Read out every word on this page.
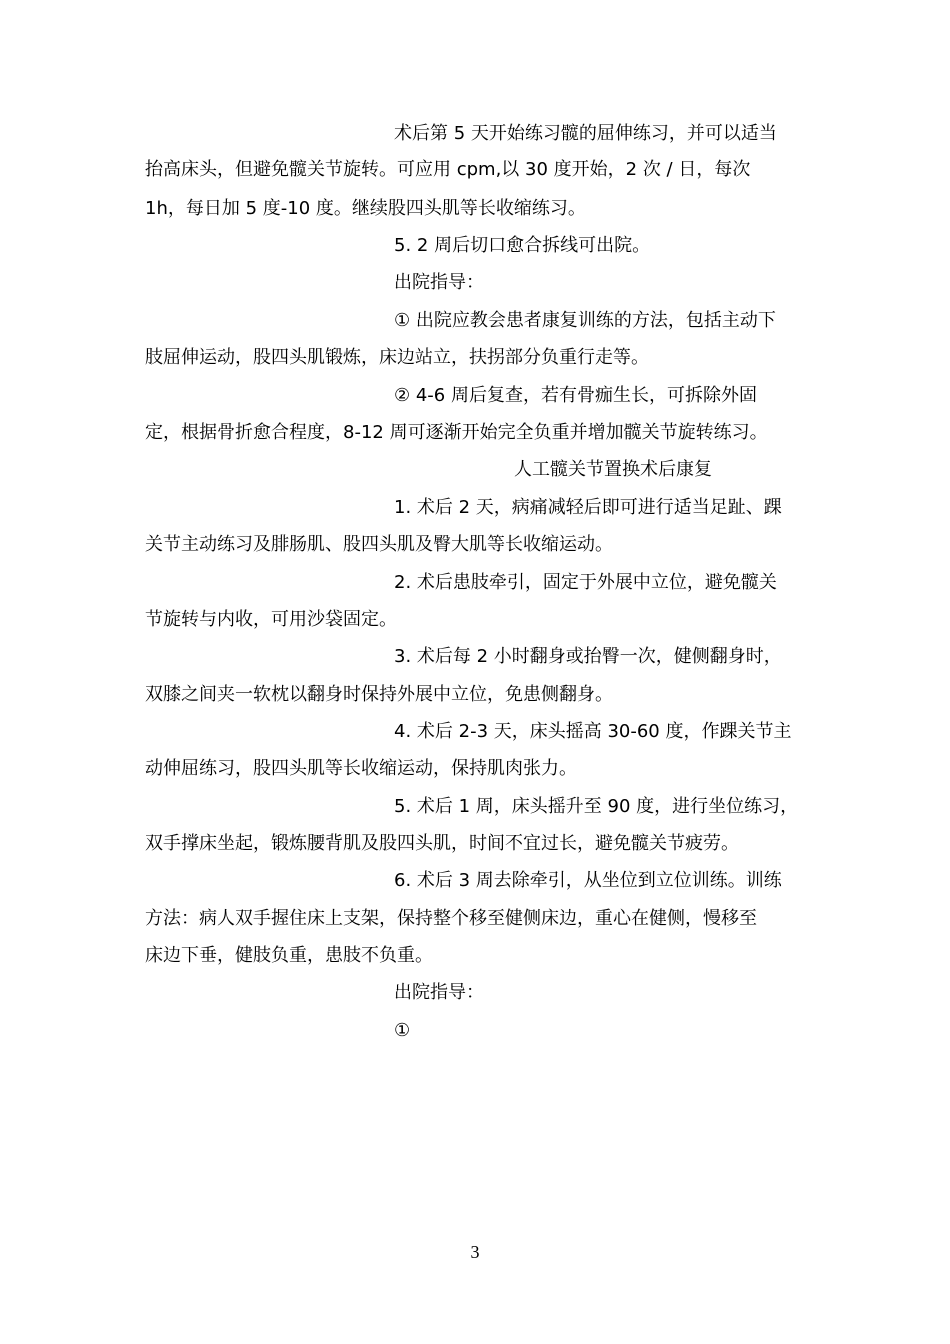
术后第 5 天开始练习髋的屈伸练习，并可以适当
抬高床头，但避免髋关节旋转。可应用 cpm,以 30 度开始，2 次 / 日，每次
1h，每日加 5 度-10 度。继续股四头肌等长收缩练习。
5. 2 周后切口愈合拆线可出院。
出院指导：
① 出院应教会患者康复训练的方法，包括主动下
肢屈伸运动，股四头肌锻炼，床边站立，扶拐部分负重行走等。
② 4-6 周后复查，若有骨痂生长，可拆除外固
定，根据骨折愈合程度，8-12 周可逐渐开始完全负重并增加髋关节旋转练习。
人工髋关节置换术后康复
1. 术后 2 天，病痛减轻后即可进行适当足趾、踝
关节主动练习及腓肠肌、股四头肌及臀大肌等长收缩运动。
2. 术后患肢牵引，固定于外展中立位，避免髋关
节旋转与内收，可用沙袋固定。
3. 术后每 2 小时翻身或抬臀一次，健侧翻身时，
双膝之间夹一软枕以翻身时保持外展中立位，免患侧翻身。
4. 术后 2-3 天，床头摇高 30-60 度，作踝关节主
动伸屈练习，股四头肌等长收缩运动，保持肌肉张力。
5. 术后 1 周，床头摇升至 90 度，进行坐位练习，
双手撑床坐起，锻炼腰背肌及股四头肌，时间不宜过长，避免髋关节疲劳。
6. 术后 3 周去除牵引，从坐位到立位训练。训练
方法：病人双手握住床上支架，保持整个移至健侧床边，重心在健侧，慢移至
床边下垂，健肢负重，患肢不负重。
出院指导：
①
3
